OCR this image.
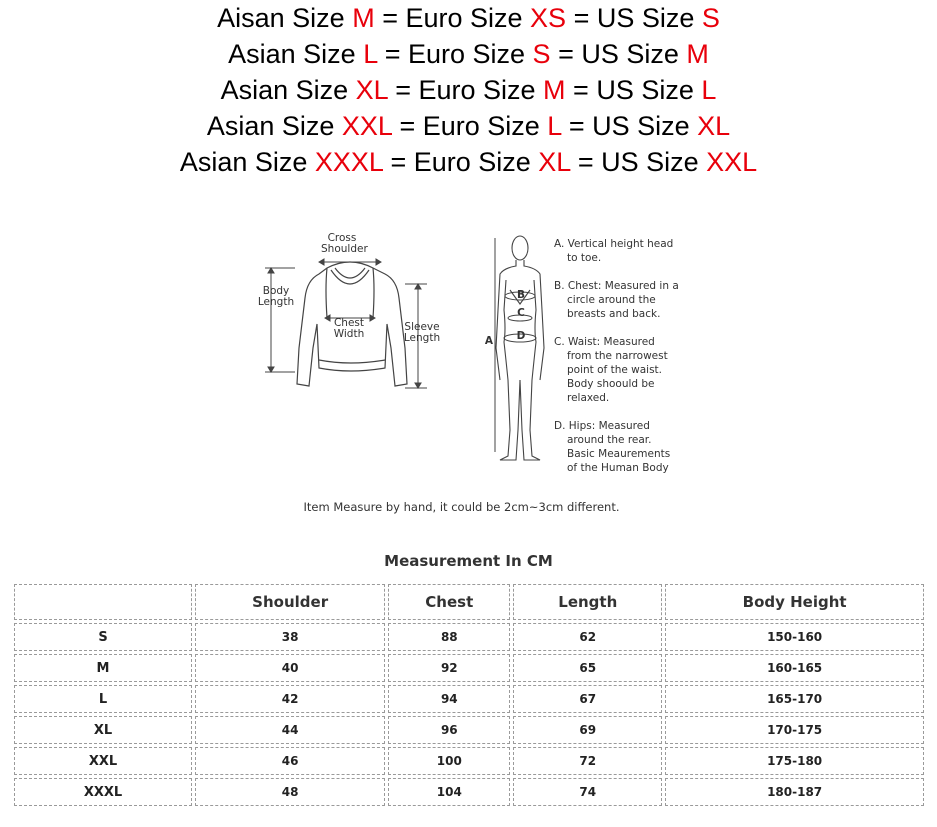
Aisan Size M = Euro Size XS = US Size S
Asian Size L = Euro Size S = US Size M
Asian Size XL = Euro Size M = US Size L
Asian Size XXL = Euro Size L = US Size XL
Asian Size XXXL = Euro Size XL = US Size XXL
Cross
Shoulder
Body
Length
Chest
Width
Sleeve
Length	A
B
C
D
A. Vertical height head
to toe.
B. Chest: Measured in a
circle around the
breasts and back.
C. Waist: Measured
from the narrowest
point of the waist.
Body shoould be
relaxed.
D. Hips: Measured
around the rear.
Basic Meaurements
of the Human Body
Item Measure by hand, it could be 2cm~3cm different.
Measurement In CM
	Shoulder	Chest	Length	Body Height
S	38	88	62	150-160
M	40	92	65	160-165
L	42	94	67	165-170
XL	44	96	69	170-175
XXL	46	100	72	175-180
XXXL	48	104	74	180-187
